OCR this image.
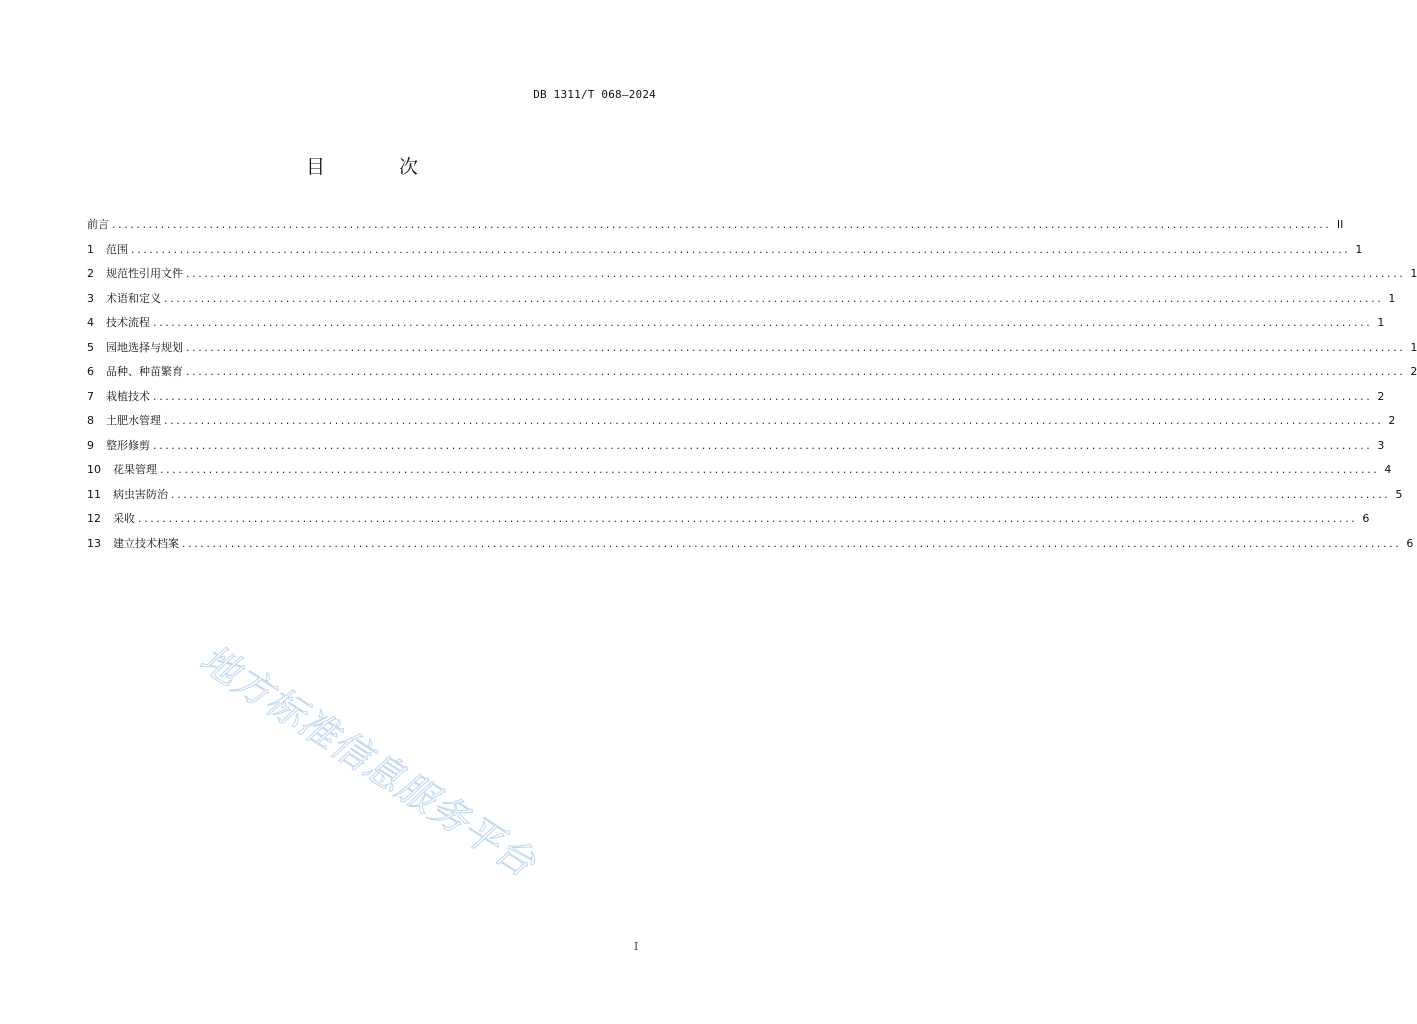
DB 1311/T 068—2024
目 次
前言 ........................................................................................................................................................................................................ II
1	范围 ........................................................................................................................................................................................................ 1
2	规范性引用文件 ........................................................................................................................................................................................................ 1
3	术语和定义 ........................................................................................................................................................................................................ 1
4	技术流程 ........................................................................................................................................................................................................ 1
5	园地选择与规划 ........................................................................................................................................................................................................ 1
6	品种、种苗繁育 ........................................................................................................................................................................................................ 2
7	栽植技术 ........................................................................................................................................................................................................ 2
8	土肥水管理 ........................................................................................................................................................................................................ 2
9	整形修剪 ........................................................................................................................................................................................................ 3
10	花果管理 ........................................................................................................................................................................................................ 4
11	病虫害防治 ........................................................................................................................................................................................................ 5
12	采收 ........................................................................................................................................................................................................ 6
13	建立技术档案 ........................................................................................................................................................................................................ 6
地方标准信息服务平台
I
